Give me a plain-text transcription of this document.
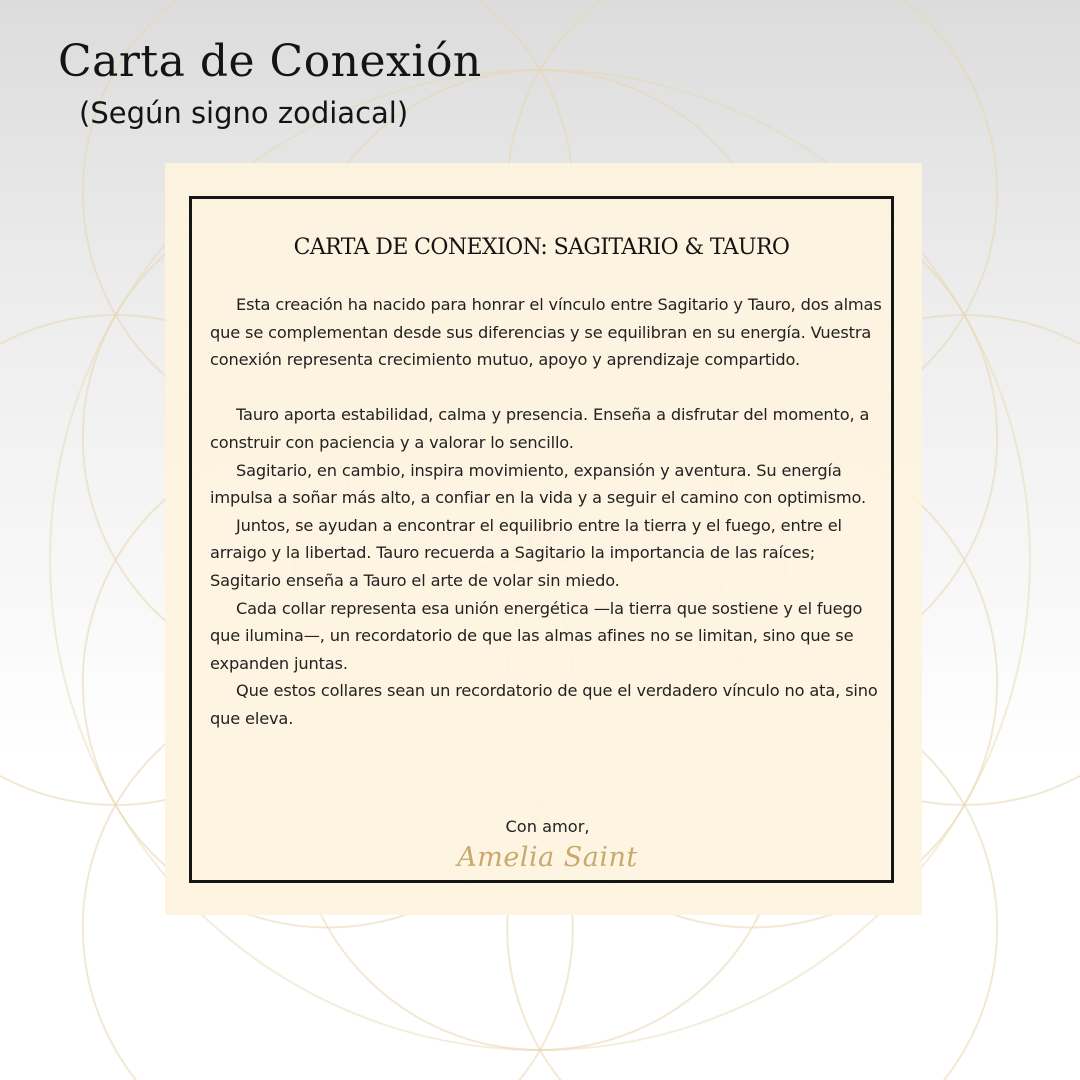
Carta de Conexión
(Según signo zodiacal)
CARTA DE CONEXION: SAGITARIO & TAURO

Esta creación ha nacido para honrar el vínculo entre Sagitario y Tauro, dos almas que se complementan desde sus diferencias y se equilibran en su energía. Vuestra conexión representa crecimiento mutuo, apoyo y aprendizaje compartido.

Tauro aporta estabilidad, calma y presencia. Enseña a disfrutar del momento, a construir con paciencia y a valorar lo sencillo.

Sagitario, en cambio, inspira movimiento, expansión y aventura. Su energía impulsa a soñar más alto, a confiar en la vida y a seguir el camino con optimismo.

Juntos, se ayudan a encontrar el equilibrio entre la tierra y el fuego, entre el arraigo y la libertad. Tauro recuerda a Sagitario la importancia de las raíces; Sagitario enseña a Tauro el arte de volar sin miedo.

Cada collar representa esa unión energética —la tierra que sostiene y el fuego que ilumina—, un recordatorio de que las almas afines no se limitan, sino que se expanden juntas.

Que estos collares sean un recordatorio de que el verdadero vínculo no ata, sino que eleva.

Con amor,
Amelia Saint
